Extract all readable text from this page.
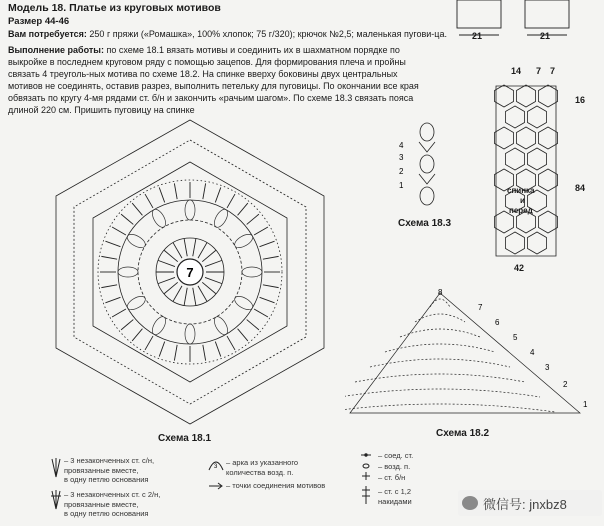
Модель 18. Платье из круговых мотивов
Размер 44-46
Вам потребуется: 250 г пряжи («Ромашка», 100% хлопок; 75 г/320); крючок №2,5; маленькая пугови-ца.
Выполнение работы: по схеме 18.1 вязать мотивы и соединить их в шахматном порядке по выкройке в последнем круговом ряду с помощью зацепов. Для формирования плеча и пройны связать 4 треуголь-ных мотива по схеме 18.2. На спинке вверху боковины двух центральных мотивов не соединять, оставив разрез, выполнить петельку для пуговицы. По окончании все края обвязать по кругу 4-мя рядами ст. б/н и закончить «рачьим шагом». По схеме 18.3 связать пояса длиной 220 см. Пришить пуговицу на спинке
7
Схема 18.1
4
3
2
1
Схема 18.3
21	21
14 7 7
16
84
42
спинка
и
перед
8
7
6
5
4
3
2
1
Схема 18.2
– 3 незаконченных ст. с/н,
провязанные вместе,
в одну петлю основания
– 3 незаконченных ст. с 2/н,
провязанные вместе,
в одну петлю основания
3 – арка из указанного
количества возд. п.
– точки соединения мотивов
– соед. ст.
– возд. п.
– ст. б/н
– ст. с 1,2
накидами	微信号: jnxbz8
